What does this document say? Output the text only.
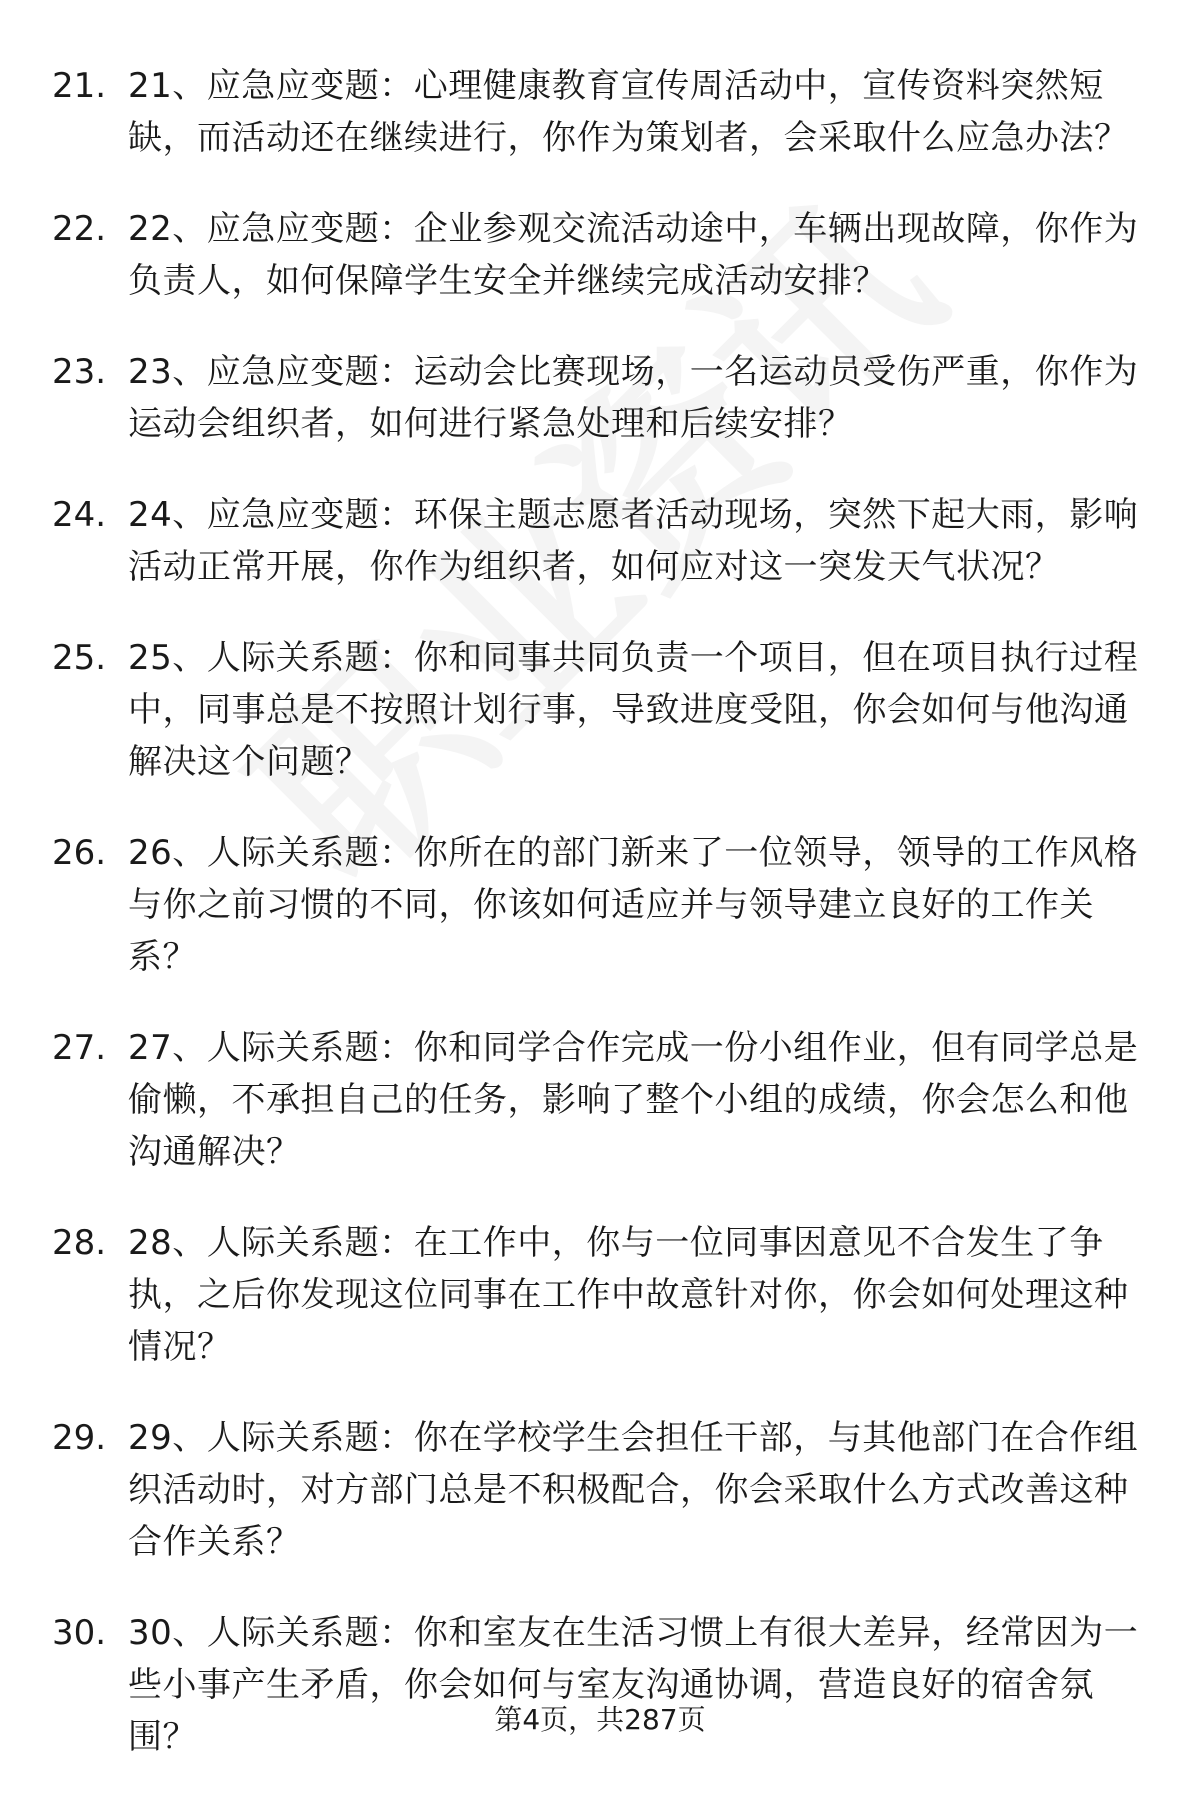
21. 21、应急应变题：心理健康教育宣传周活动中，宣传资料突然短缺，而活动还在继续进行，你作为策划者，会采取什么应急办法？
22. 22、应急应变题：企业参观交流活动途中，车辆出现故障，你作为负责人，如何保障学生安全并继续完成活动安排？
23. 23、应急应变题：运动会比赛现场，一名运动员受伤严重，你作为运动会组织者，如何进行紧急处理和后续安排？
24. 24、应急应变题：环保主题志愿者活动现场，突然下起大雨，影响活动正常开展，你作为组织者，如何应对这一突发天气状况？
25. 25、人际关系题：你和同事共同负责一个项目，但在项目执行过程中，同事总是不按照计划行事，导致进度受阻，你会如何与他沟通解决这个问题？
26. 26、人际关系题：你所在的部门新来了一位领导，领导的工作风格与你之前习惯的不同，你该如何适应并与领导建立良好的工作关系？
27. 27、人际关系题：你和同学合作完成一份小组作业，但有同学总是偷懒，不承担自己的任务，影响了整个小组的成绩，你会怎么和他沟通解决？
28. 28、人际关系题：在工作中，你与一位同事因意见不合发生了争执，之后你发现这位同事在工作中故意针对你，你会如何处理这种情况？
29. 29、人际关系题：你在学校学生会担任干部，与其他部门在合作组织活动时，对方部门总是不积极配合，你会采取什么方式改善这种合作关系？
30. 30、人际关系题：你和室友在生活习惯上有很大差异，经常因为一些小事产生矛盾，你会如何与室友沟通协调，营造良好的宿舍氛围？	第4页，共287页
